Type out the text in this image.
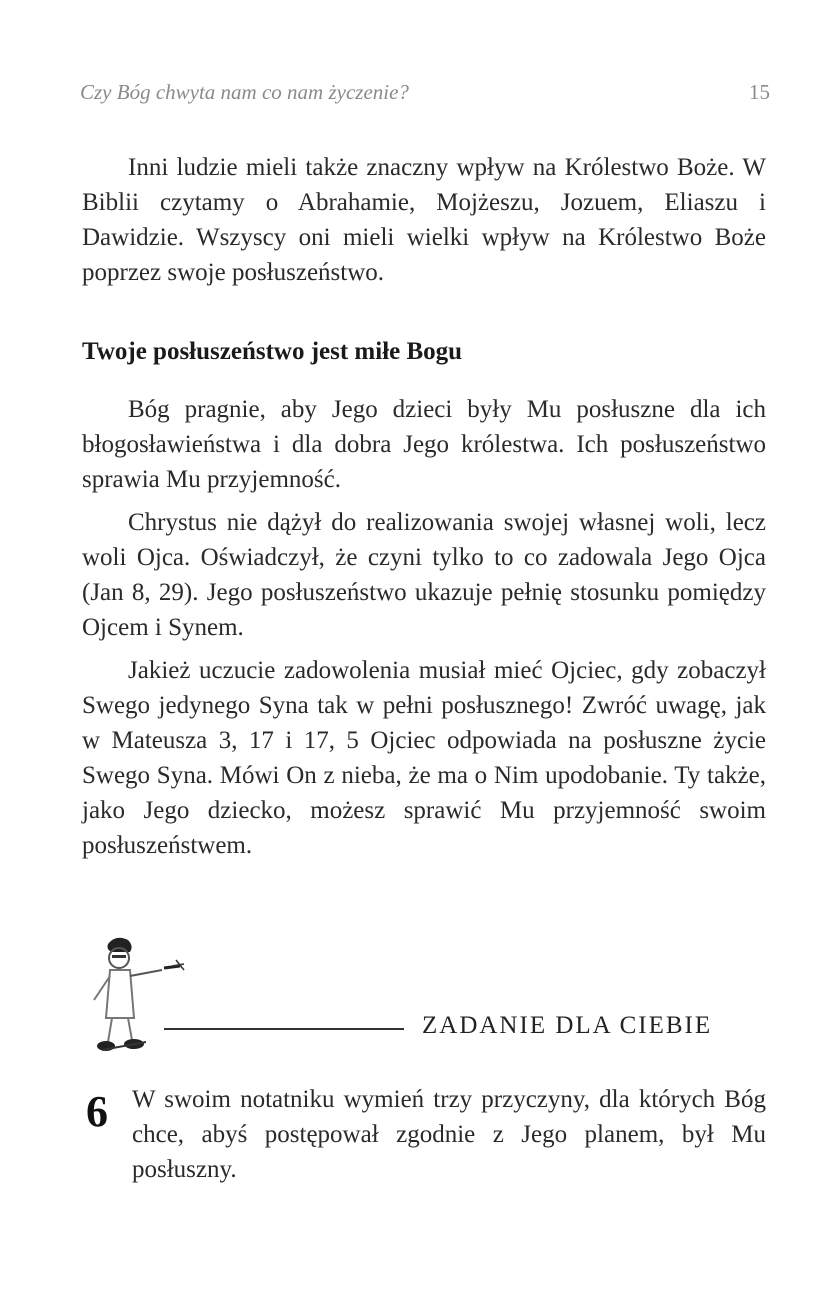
Czy Bóg chwyta nam co nam życzenie?	15

Inni ludzie mieli także znaczny wpływ na Królestwo Boże. W Biblii czytamy o Abrahamie, Mojżeszu, Jozuem, Eliaszu i Dawidzie. Wszyscy oni mieli wielki wpływ na Królestwo Boże poprzez swoje posłuszeństwo.

Twoje posłuszeństwo jest miłe Bogu

Bóg pragnie, aby Jego dzieci były Mu posłuszne dla ich błogosławieństwa i dla dobra Jego królestwa. Ich posłuszeństwo sprawia Mu przyjemność.

Chrystus nie dążył do realizowania swojej własnej woli, lecz woli Ojca. Oświadczył, że czyni tylko to co zadowala Jego Ojca (Jan 8, 29). Jego posłuszeństwo ukazuje pełnię stosunku pomiędzy Ojcem i Synem.

Jakież uczucie zadowolenia musiał mieć Ojciec, gdy zobaczył Swego jedynego Syna tak w pełni posłusznego! Zwróć uwagę, jak w Mateusza 3, 17 i 17, 5 Ojciec odpowiada na posłuszne życie Swego Syna. Mówi On z nieba, że ma o Nim upodobanie. Ty także, jako Jego dziecko, możesz sprawić Mu przyjemność swoim posłuszeństwem.

ZADANIE DLA CIEBIE
6 W swoim notatniku wymień trzy przyczyny, dla których Bóg chce, abyś postępował zgodnie z Jego planem, był Mu posłuszny.
